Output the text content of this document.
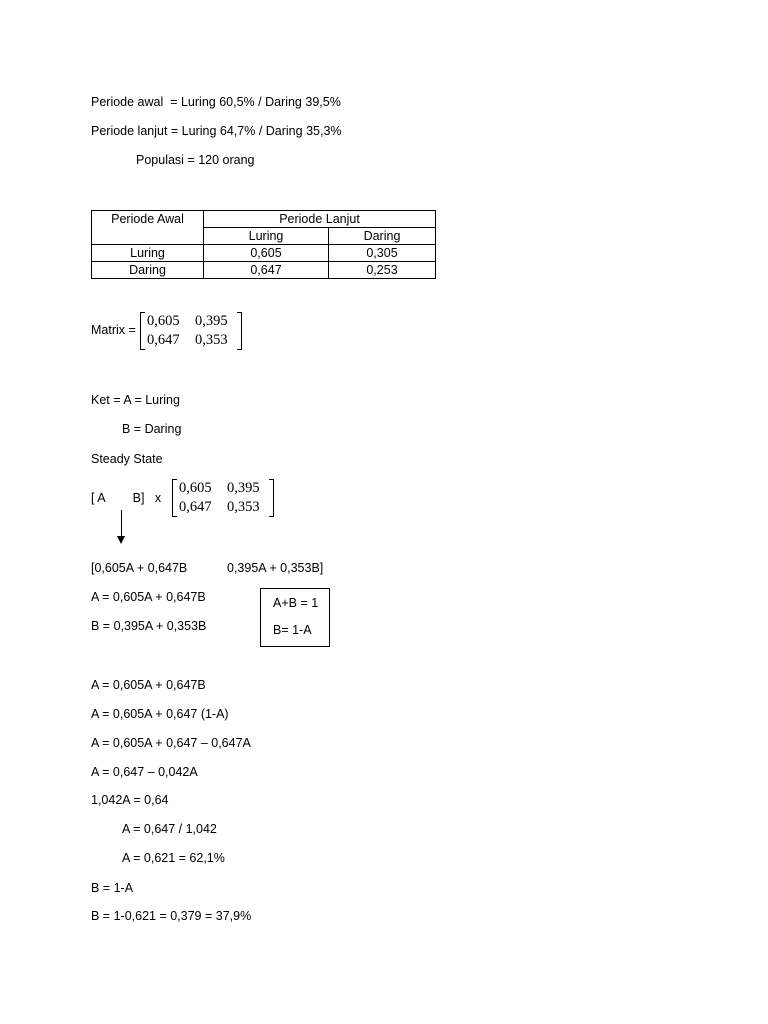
Periode awal  = Luring 60,5% / Daring 39,5%
Periode lanjut = Luring 64,7% / Daring 35,3%
Populasi = 120 orang
Periode Awal	Periode Lanjut	
	Luring	Daring
Luring	0,605	0,305
Daring	0,647	0,253
Matrix =
0,605	0,395
0,647	0,353
Ket = A = Luring
B = Daring
Steady State
[ A        B]   x
0,605	0,395
0,647	0,353
[0,605A + 0,647B	0,395A + 0,353B]
A = 0,605A + 0,647B
B = 0,395A + 0,353B
A+B = 1
B= 1-A
A = 0,605A + 0,647B
A = 0,605A + 0,647 (1-A)
A = 0,605A + 0,647 – 0,647A
A = 0,647 – 0,042A
1,042A = 0,64
A = 0,647 / 1,042
A = 0,621 = 62,1%
B = 1-A
B = 1-0,621 = 0,379 = 37,9%
